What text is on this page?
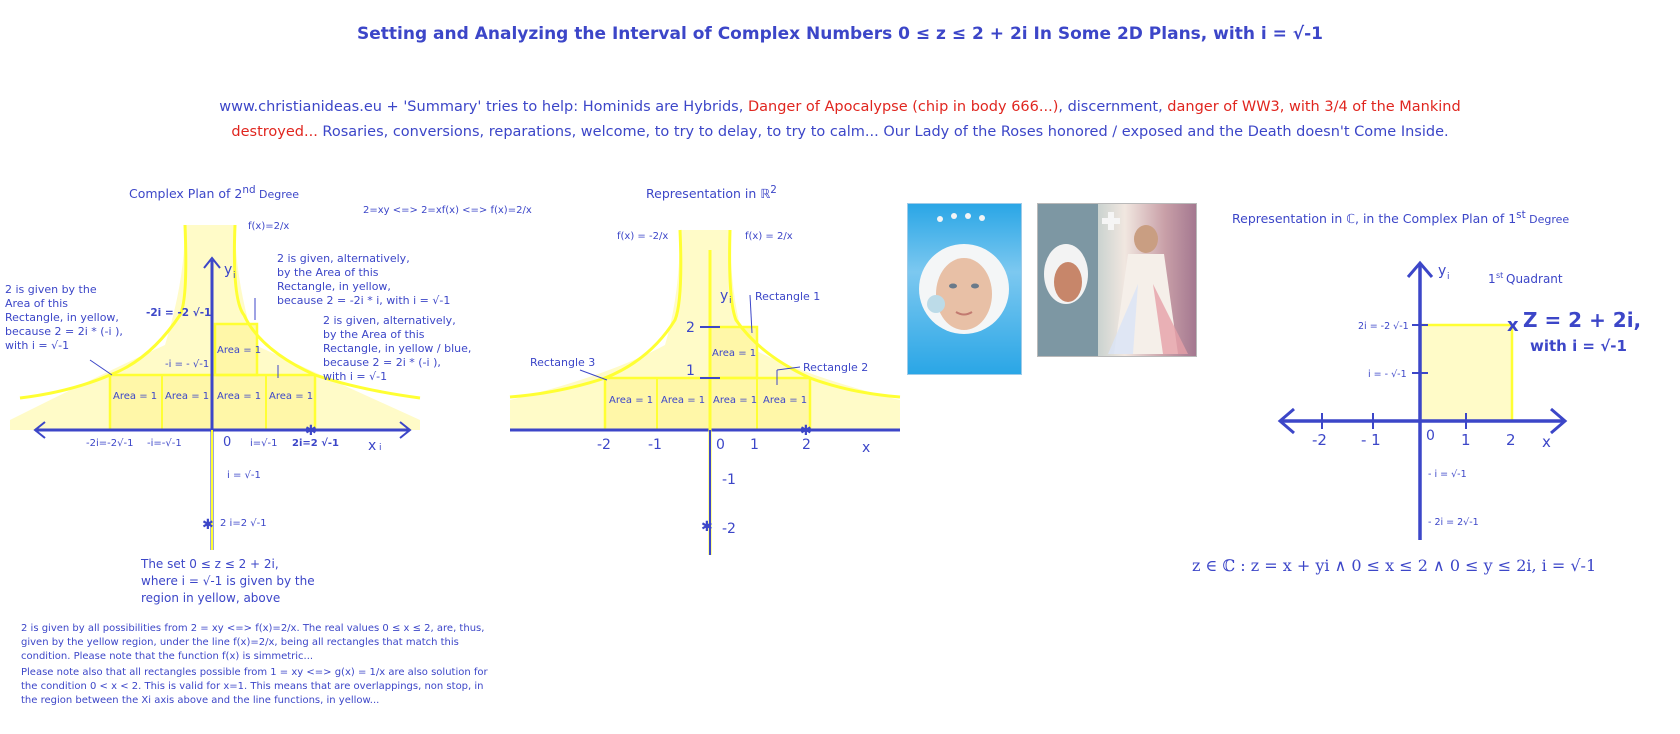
Setting and Analyzing the Interval of Complex Numbers 0 ≤ z ≤ 2 + 2i In Some 2D Plans, with i = √-1
www.christianideas.eu + 'Summary' tries to help: Hominids are Hybrids, Danger of Apocalypse (chip in body 666...), discernment, danger of WW3, with 3/4 of the Mankind
destroyed... Rosaries, conversions, reparations, welcome, to try to delay, to try to calm... Our Lady of the Roses honored / exposed and the Death doesn't Come Inside.
Complex Plan of 2nd Degree
2=xy <=> 2=xf(x) <=> f(x)=2/x
Area = 1 Area = 1 Area = 1 Area = 1
Area = 1
f(x)=2/x
y i
x i
-2i = -2 √-1
-i = - √-1
i = √-1
2 i=2 √-1
-2i=-2√-1 -i=-√-1	0 i=√-1 2i=2 √-1
✱
✱
2 is given by the
Area of this
Rectangle, in yellow,
because 2 = 2i * (-i ),
with i = √-1
2 is given, alternatively,
by the Area of this
Rectangle, in yellow,
because 2 = -2i * i, with i = √-1
2 is given, alternatively,
by the Area of this
Rectangle, in yellow / blue,
because 2 = 2i * (-i ),
with i = √-1
The set 0 ≤ z ≤ 2 + 2i,
where i = √-1 is given by the
region in yellow, above
2 is given by all possibilities from 2 = xy <=> f(x)=2/x. The real values 0 ≤ x ≤ 2, are, thus,
given by the yellow region, under the line f(x)=2/x, being all rectangles that match this
condition. Please note that the function f(x) is simmetric...
Please note also that all rectangles possible from 1 = xy <=> g(x) = 1/x are also solution for
the condition 0 < x < 2. This is valid for x=1. This means that are overlappings, non stop, in
the region between the Xi axis above and the line functions, in yellow...
Representation in ℝ$^2$
Area = 1 Area = 1 Area = 1 Area = 1
Area = 1
f(x) = -2/x	f(x) = 2/x
y i Rectangle 1
Rectangle 2
Rectangle 3
-2	-1	0 1	2	x
2
1
-1
-2
✱
✱
Representation in ℂ, in the Complex Plan of 1st Degree
y i	1 st Quadrant
x Z = 2 + 2i,
with i = √-1
2i = -2 √-1
i = - √-1
- i = √-1
- 2i = 2√-1
-2 - 1	0 1 2 x
z ∈ ℂ : z = x + yi ∧ 0 ≤ x ≤ 2 ∧ 0 ≤ y ≤ 2i, i = √-1
